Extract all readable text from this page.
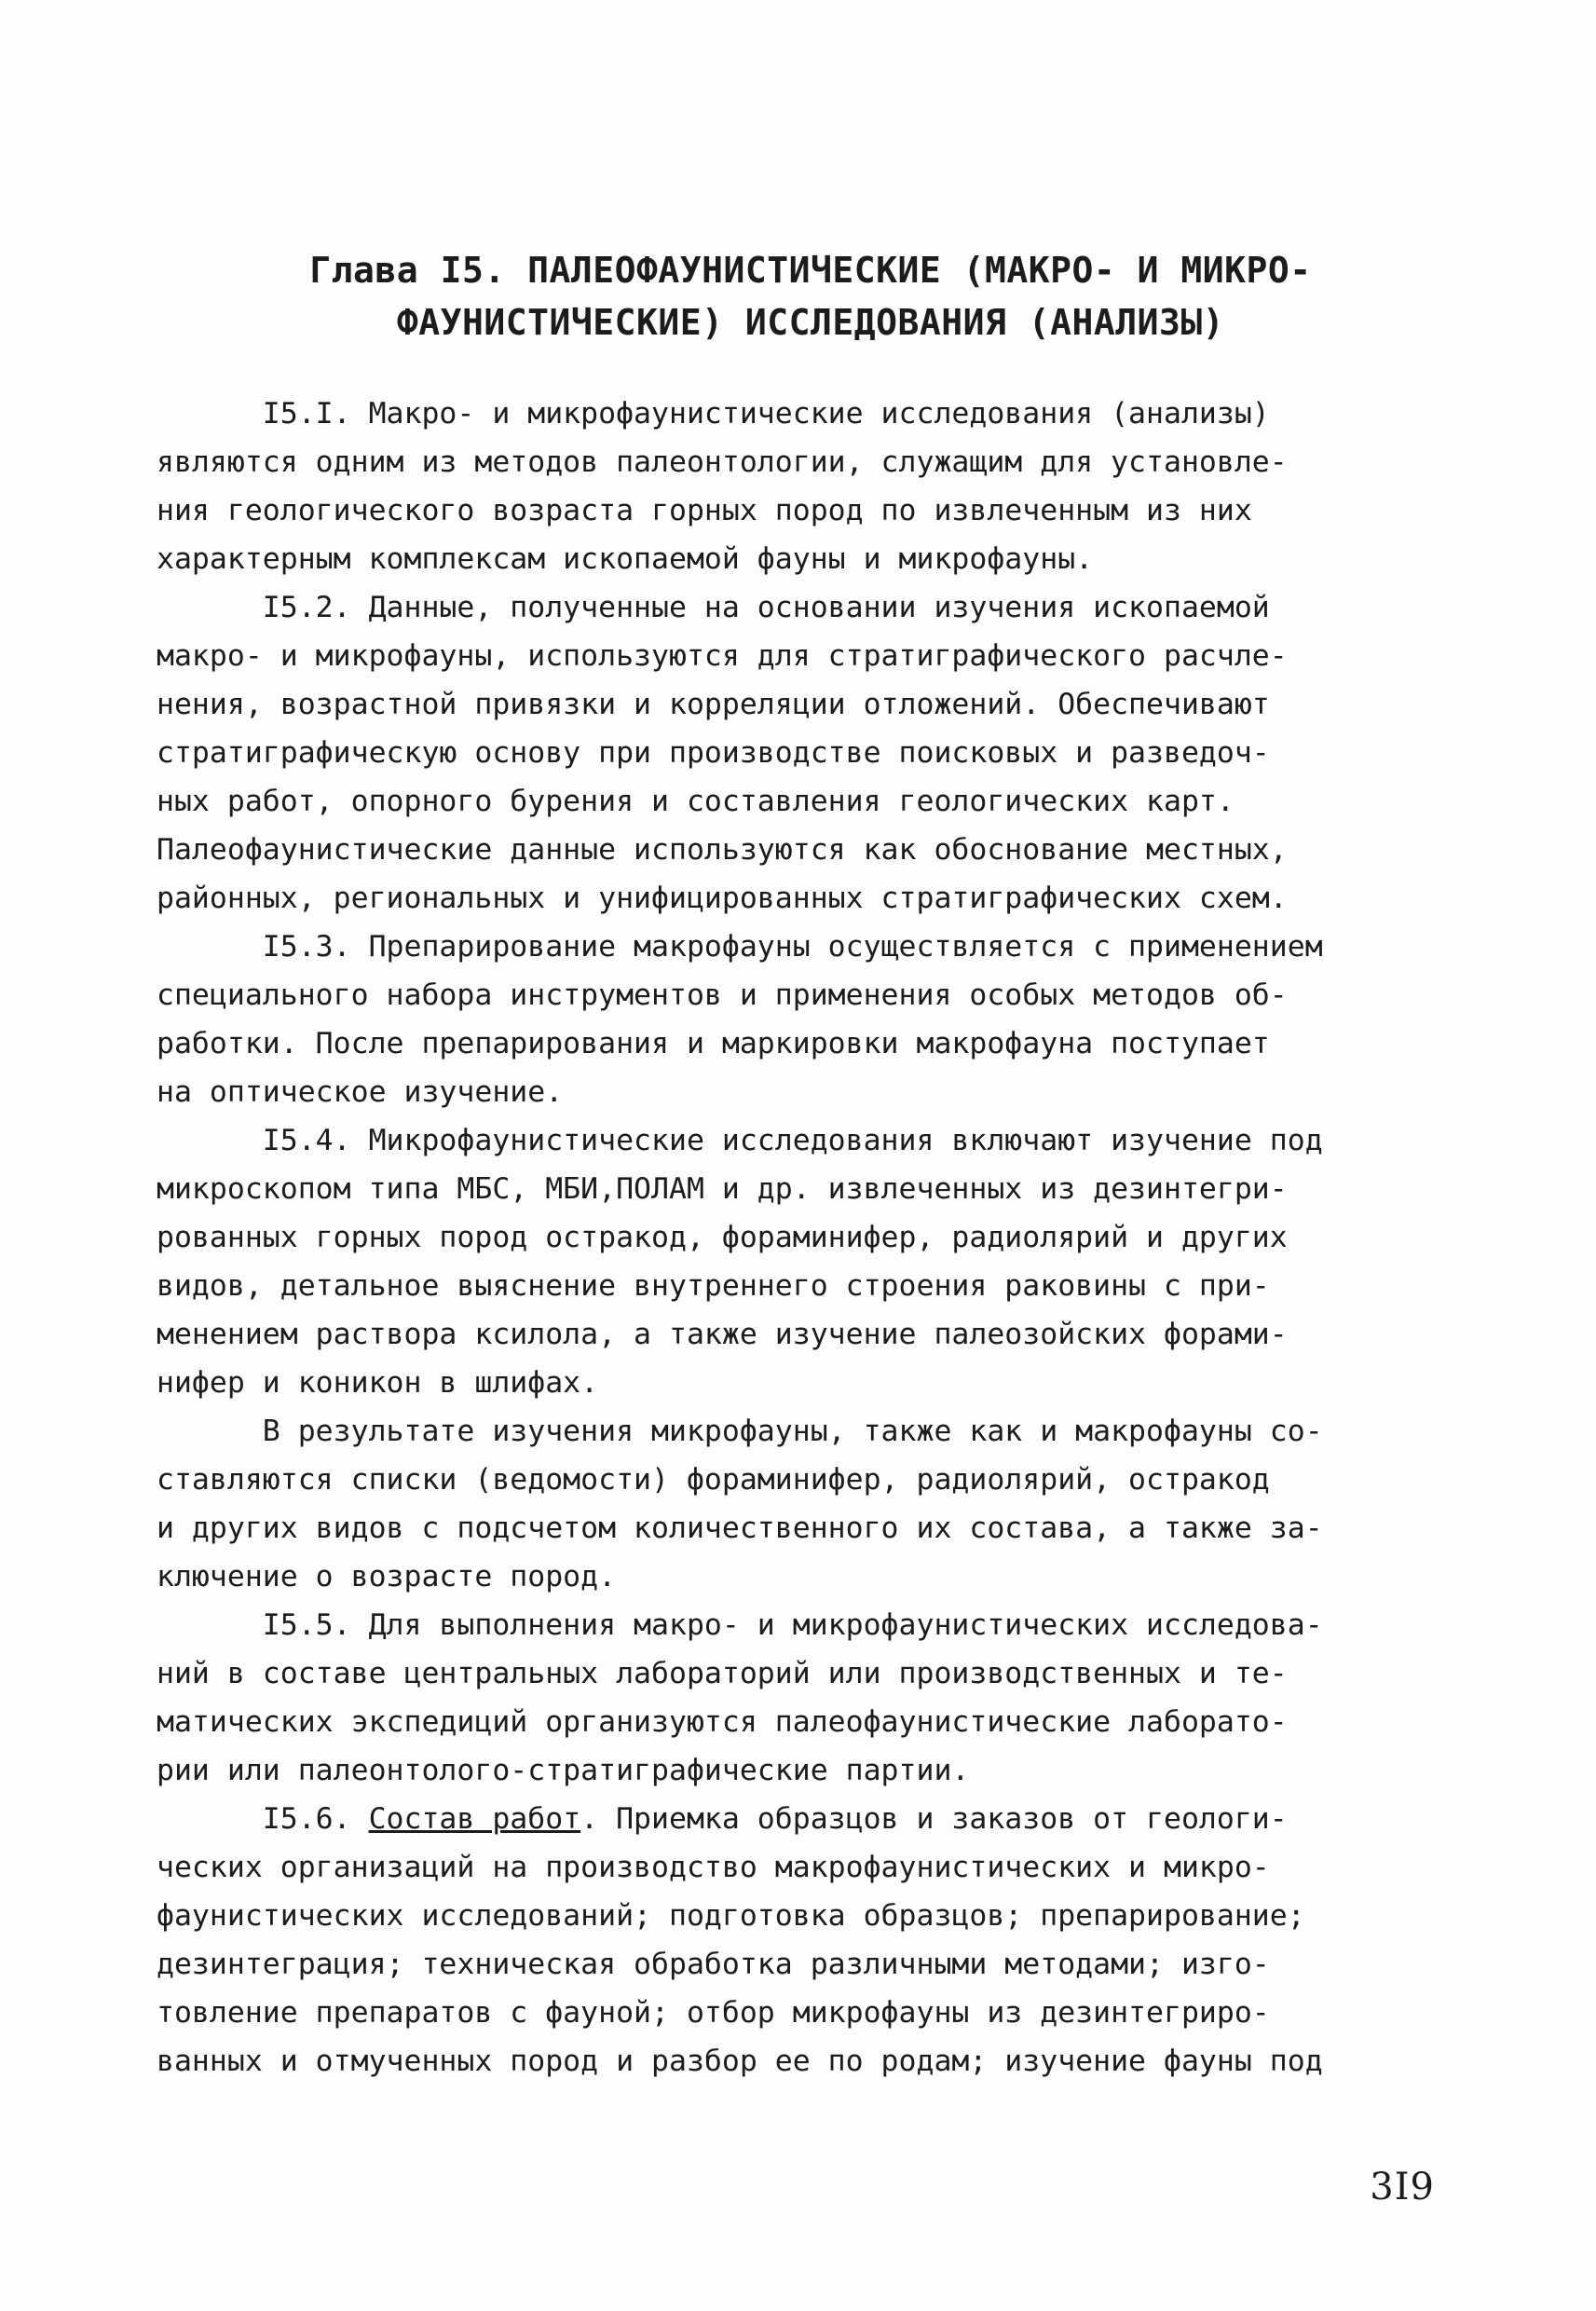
Глава I5. ПАЛЕОФАУНИСТИЧЕСКИЕ (МАКРО- И МИКРО-
ФАУНИСТИЧЕСКИЕ) ИССЛЕДОВАНИЯ (АНАЛИЗЫ)
I5.I. Макро- и микрофаунистические исследования (анализы)
являются одним из методов палеонтологии, служащим для установле-
ния геологического возраста горных пород по извлеченным из них
характерным комплексам ископаемой фауны и микрофауны.
I5.2. Данные, полученные на основании изучения ископаемой
макро- и микрофауны, используются для стратиграфического расчле-
нения, возрастной привязки и корреляции отложений. Обеспечивают
стратиграфическую основу при производстве поисковых и разведоч-
ных работ, опорного бурения и составления геологических карт.
Палеофаунистические данные используются как обоснование местных,
районных, региональных и унифицированных стратиграфических схем.
I5.3. Препарирование макрофауны осуществляется с применением
специального набора инструментов и применения особых методов об-
работки. После препарирования и маркировки макрофауна поступает
на оптическое изучение.
I5.4. Микрофаунистические исследования включают изучение под
микроскопом типа МБС, МБИ,ПОЛАМ и др. извлеченных из дезинтегри-
рованных горных пород остракод, фораминифер, радиолярий и других
видов, детальное выяснение внутреннего строения раковины с при-
менением раствора ксилола, а также изучение палеозойских форами-
нифер и коникон в шлифах.
В результате изучения микрофауны, также как и макрофауны со-
ставляются списки (ведомости) фораминифер, радиолярий, остракод
и других видов с подсчетом количественного их состава, а также за-
ключение о возрасте пород.
I5.5. Для выполнения макро- и микрофаунистических исследова-
ний в составе центральных лабораторий или производственных и те-
матических экспедиций организуются палеофаунистические лаборато-
рии или палеонтолого-стратиграфические партии.
I5.6. Состав работ. Приемка образцов и заказов от геологи-
ческих организаций на производство макрофаунистических и микро-
фаунистических исследований; подготовка образцов; препарирование;
дезинтеграция; техническая обработка различными методами; изго-
товление препаратов с фауной; отбор микрофауны из дезинтегриро-
ванных и отмученных пород и разбор ее по родам; изучение фауны под
3I9
